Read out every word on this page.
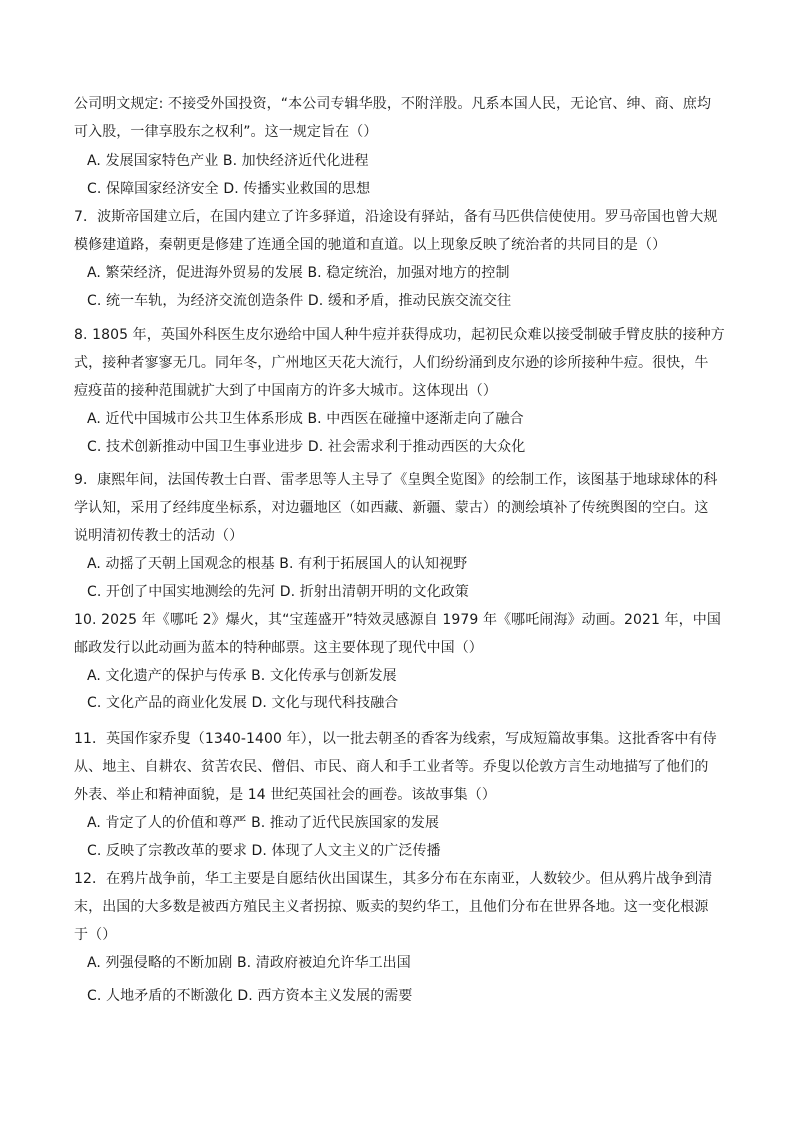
公司明文规定: 不接受外国投资，“本公司专辑华股，不附洋股。凡系本国人民，无论官、绅、商、庶均
可入股，一律享股东之权利”。这一规定旨在（）
A. 发展国家特色产业 B. 加快经济近代化进程
C. 保障国家经济安全 D. 传播实业救国的思想
7．波斯帝国建立后，在国内建立了许多驿道，沿途设有驿站，备有马匹供信使使用。罗马帝国也曾大规
模修建道路，秦朝更是修建了连通全国的驰道和直道。以上现象反映了统治者的共同目的是（）
A. 繁荣经济，促进海外贸易的发展 B. 稳定统治，加强对地方的控制
C. 统一车轨，为经济交流创造条件 D. 缓和矛盾，推动民族交流交往
8. 1805 年，英国外科医生皮尔逊给中国人种牛痘并获得成功，起初民众难以接受制破手臂皮肤的接种方
式，接种者寥寥无几。同年冬，广州地区天花大流行，人们纷纷涌到皮尔逊的诊所接种牛痘。很快，牛
痘疫苗的接种范围就扩大到了中国南方的许多大城市。这体现出（）
A. 近代中国城市公共卫生体系形成 B. 中西医在碰撞中逐渐走向了融合
C. 技术创新推动中国卫生事业进步 D. 社会需求利于推动西医的大众化
9．康熙年间，法国传教士白晋、雷孝思等人主导了《皇舆全览图》的绘制工作，该图基于地球球体的科
学认知，采用了经纬度坐标系，对边疆地区（如西藏、新疆、蒙古）的测绘填补了传统舆图的空白。这
说明清初传教士的活动（）
A. 动摇了天朝上国观念的根基 B. 有利于拓展国人的认知视野
C. 开创了中国实地测绘的先河 D. 折射出清朝开明的文化政策
10. 2025 年《哪吒 2》爆火，其“宝莲盛开”特效灵感源自 1979 年《哪吒闹海》动画。2021 年，中国
邮政发行以此动画为蓝本的特种邮票。这主要体现了现代中国（）
A. 文化遗产的保护与传承 B. 文化传承与创新发展
C. 文化产品的商业化发展 D. 文化与现代科技融合
11．英国作家乔叟（1340-1400 年），以一批去朝圣的香客为线索，写成短篇故事集。这批香客中有侍
从、地主、自耕农、贫苦农民、僧侣、市民、商人和手工业者等。乔叟以伦敦方言生动地描写了他们的
外表、举止和精神面貌，是 14 世纪英国社会的画卷。该故事集（）
A. 肯定了人的价值和尊严 B. 推动了近代民族国家的发展
C. 反映了宗教改革的要求 D. 体现了人文主义的广泛传播
12．在鸦片战争前，华工主要是自愿结伙出国谋生，其多分布在东南亚，人数较少。但从鸦片战争到清
末，出国的大多数是被西方殖民主义者拐掠、贩卖的契约华工，且他们分布在世界各地。这一变化根源
于（）
A. 列强侵略的不断加剧 B. 清政府被迫允许华工出国
C. 人地矛盾的不断激化 D. 西方资本主义发展的需要
